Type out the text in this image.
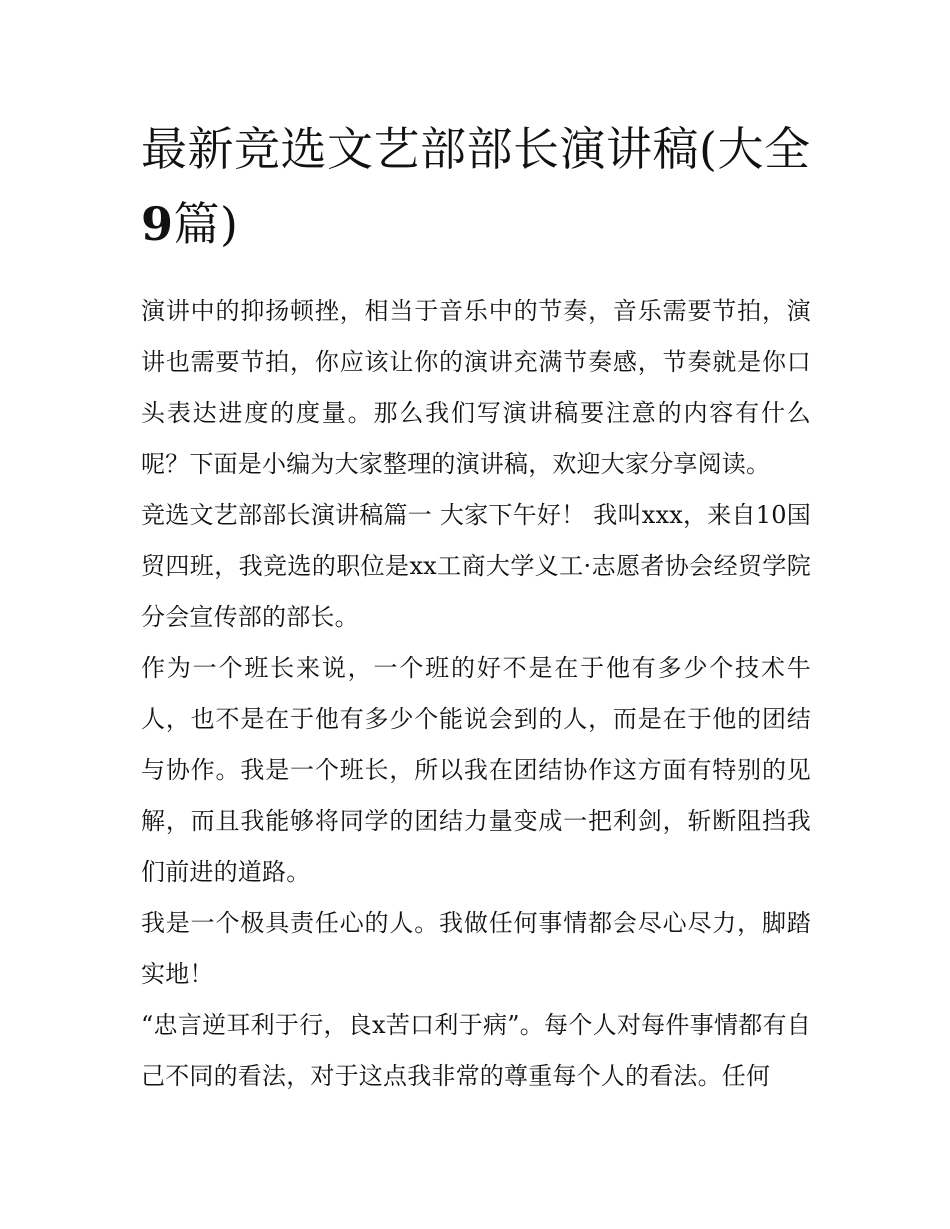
最新竞选文艺部部长演讲稿(大全9篇)

演讲中的抑扬顿挫，相当于音乐中的节奏，音乐需要节拍，演讲也需要节拍，你应该让你的演讲充满节奏感，节奏就是你口头表达进度的度量。那么我们写演讲稿要注意的内容有什么呢？下面是小编为大家整理的演讲稿，欢迎大家分享阅读。

竞选文艺部部长演讲稿篇一 大家下午好！ 我叫xxx，来自10国贸四班，我竞选的职位是xx工商大学义工·志愿者协会经贸学院分会宣传部的部长。

作为一个班长来说，一个班的好不是在于他有多少个技术牛人，也不是在于他有多少个能说会到的人，而是在于他的团结与协作。我是一个班长，所以我在团结协作这方面有特别的见解，而且我能够将同学的团结力量变成一把利剑，斩断阻挡我们前进的道路。

我是一个极具责任心的人。我做任何事情都会尽心尽力，脚踏实地！

“忠言逆耳利于行，良x苦口利于病”。每个人对每件事情都有自己不同的看法，对于这点我非常的尊重每个人的看法。任何
